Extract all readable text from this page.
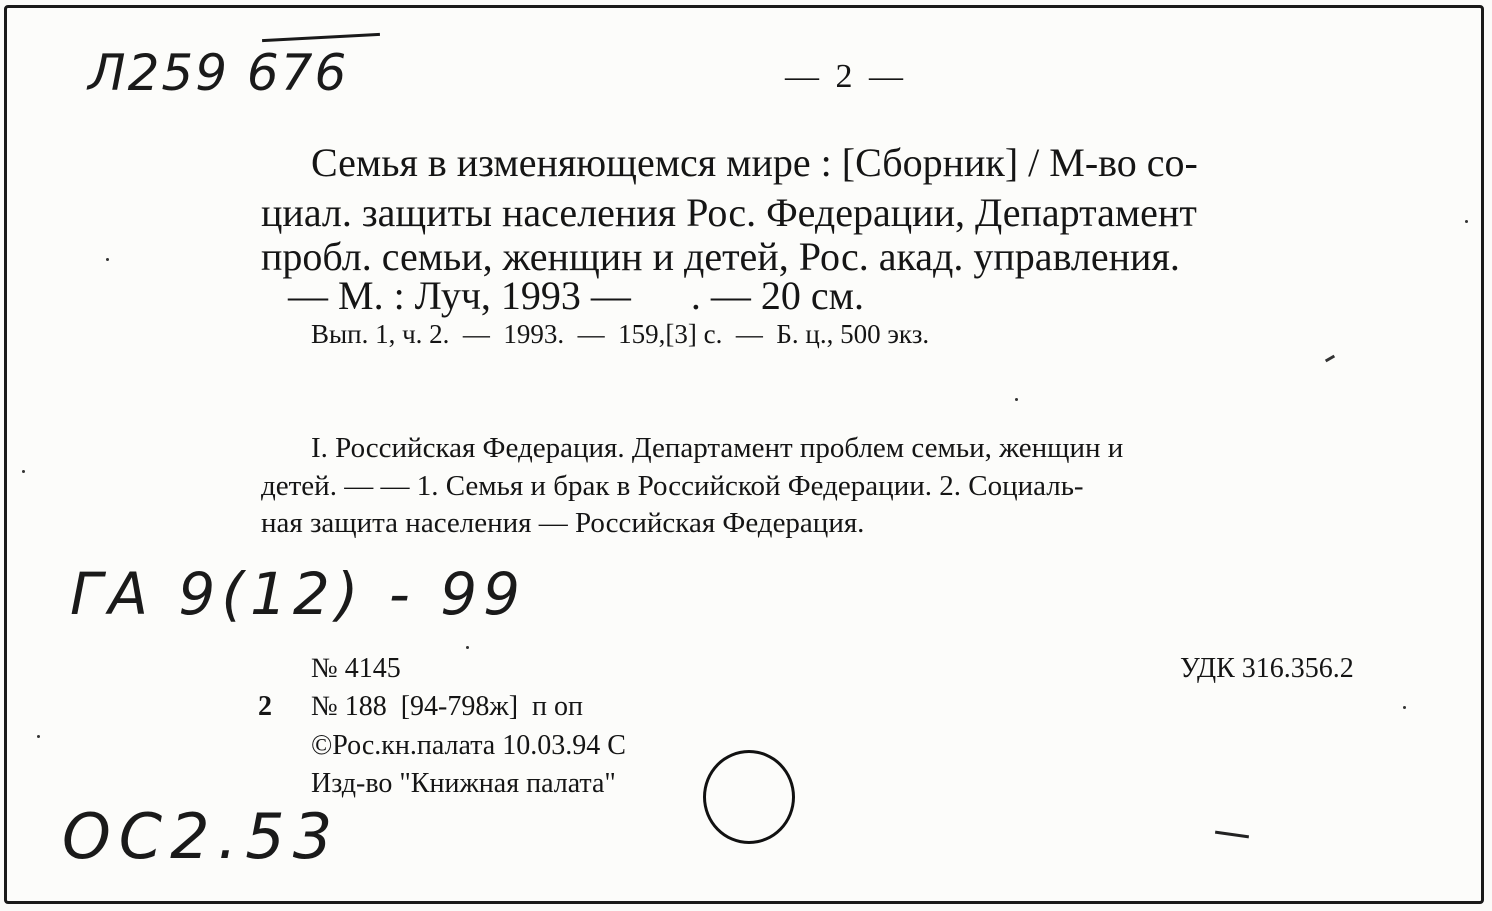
Л259 676	— 2 —
Семья в изменяющемся мире : [Сборник] / М-во со-
циал. защиты населения Рос. Федерации, Департамент
пробл. семьи, женщин и детей, Рос. акад. управления.
— М. : Луч, 1993 —      . — 20 см.
Вып. 1, ч. 2.  —  1993.  —  159,[3] с.  —  Б. ц., 500 экз.
I. Российская Федерация. Департамент проблем семьи, женщин и
детей. — — 1. Семья и брак в Российской Федерации. 2. Социаль-
ная защита населения — Российская Федерация.
ГА 9(12) - 99
№ 4145	УДК 316.356.2
2 № 188  [94-798ж]  п оп
©Рос.кн.палата 10.03.94 С
Изд-во "Книжная палата"
ОС2.53
